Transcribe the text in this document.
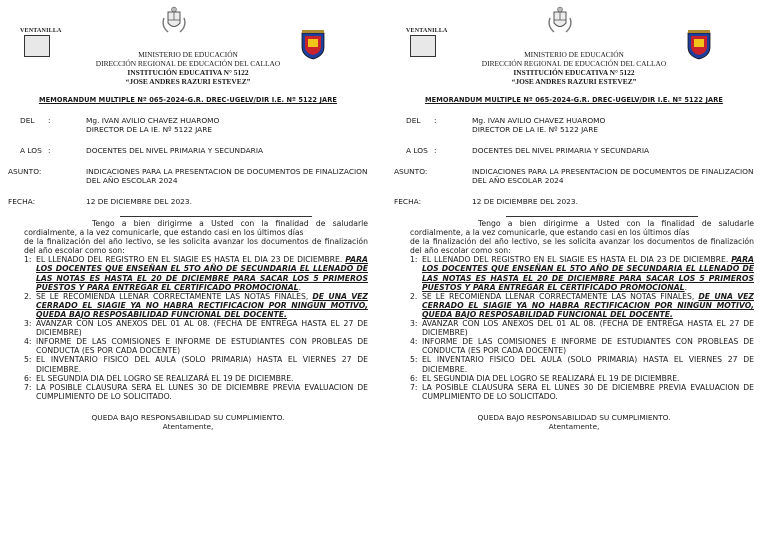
VENTANILLA
MINISTERIO DE EDUCACIÓN
DIRECCIÓN REGIONAL DE EDUCACIÓN DEL CALLAO
INSTITUCIÓN EDUCATIVA N° 5122
“JOSE ANDRES RAZURI ESTEVEZ”
MEMORANDUM MULTIPLE Nº 065-2024-G.R. DREC-UGELV/DIR I.E. Nº 5122 JARE
DEL :	Mg. IVAN AVILIO CHAVEZ HUAROMO
DIRECTOR DE LA IE. Nº 5122 JARE
A LOS :	DOCENTES DEL NIVEL PRIMARIA Y SECUNDARIA
ASUNTO:	INDICACIONES PARA LA PRESENTACION DE DOCUMENTOS DE FINALIZACION DEL AÑO ESCOLAR 2024
FECHA:	12 DE DICIEMBRE DEL 2023.

Tengo a bien dirigirme a Usted con la finalidad de saludarle cordialmente, a la vez comunicarle, que estando casi en los últimos días

de la finalización del año lectivo, se les solicita avanzar los documentos de finalización del año escolar como son:

1: EL LLENADO DEL REGISTRO EN EL SIAGIE ES HASTA EL DIA 23 DE DICIEMBRE. PARA LOS DOCENTES QUE ENSEÑAN EL 5TO AÑO DE SECUNDARIA EL LLENADO DE LAS NOTAS ES HASTA EL 20 DE DICIEMBRE PARA SACAR LOS 5 PRIMEROS PUESTOS Y PARA ENTREGAR EL CERTIFICADO PROMOCIONAL.
2. SE LE RECOMIENDA LLENAR CORRECTAMENTE LAS NOTAS FINALES, DE UNA VEZ CERRADO EL SIAGIE YA NO HABRA RECTIFICACION POR NINGUN MOTIVO, QUEDA BAJO RESPOSABILIDAD FUNCIONAL DEL DOCENTE.
3: AVANZAR CON LOS ANEXOS DEL 01 AL 08. (FECHA DE ENTREGA HASTA EL 27 DE DICIEMBRE)
4: INFORME DE LAS COMISIONES E INFORME DE ESTUDIANTES CON PROBLEAS DE CONDUCTA (ES POR CADA DOCENTE)
5: EL INVENTARIO FISICO DEL AULA (SOLO PRIMARIA) HASTA EL VIERNES 27 DE DICIEMBRE.
6: EL SEGUNDIA DIA DEL LOGRO SE REALIZARÁ EL 19 DE DICIEMBRE.
7: LA POSIBLE CLAUSURA SERA EL LUNES 30 DE DICIEMBRE PREVIA EVALUACION DE CUMPLIMIENTO DE LO SOLICITADO.
QUEDA BAJO RESPONSABILIDAD SU CUMPLIMIENTO.
Atentamente,
VENTANILLA
MINISTERIO DE EDUCACIÓN
DIRECCIÓN REGIONAL DE EDUCACIÓN DEL CALLAO
INSTITUCIÓN EDUCATIVA N° 5122
“JOSE ANDRES RAZURI ESTEVEZ”
MEMORANDUM MULTIPLE Nº 065-2024-G.R. DREC-UGELV/DIR I.E. Nº 5122 JARE
DEL :	Mg. IVAN AVILIO CHAVEZ HUAROMO
DIRECTOR DE LA IE. Nº 5122 JARE
A LOS :	DOCENTES DEL NIVEL PRIMARIA Y SECUNDARIA
ASUNTO:	INDICACIONES PARA LA PRESENTACION DE DOCUMENTOS DE FINALIZACION DEL AÑO ESCOLAR 2024
FECHA:	12 DE DICIEMBRE DEL 2023.

Tengo a bien dirigirme a Usted con la finalidad de saludarle cordialmente, a la vez comunicarle, que estando casi en los últimos días

de la finalización del año lectivo, se les solicita avanzar los documentos de finalización del año escolar como son:

1: EL LLENADO DEL REGISTRO EN EL SIAGIE ES HASTA EL DIA 23 DE DICIEMBRE. PARA LOS DOCENTES QUE ENSEÑAN EL 5TO AÑO DE SECUNDARIA EL LLENADO DE LAS NOTAS ES HASTA EL 20 DE DICIEMBRE PARA SACAR LOS 5 PRIMEROS PUESTOS Y PARA ENTREGAR EL CERTIFICADO PROMOCIONAL.
2. SE LE RECOMIENDA LLENAR CORRECTAMENTE LAS NOTAS FINALES, DE UNA VEZ CERRADO EL SIAGIE YA NO HABRA RECTIFICACION POR NINGUN MOTIVO, QUEDA BAJO RESPOSABILIDAD FUNCIONAL DEL DOCENTE.
3: AVANZAR CON LOS ANEXOS DEL 01 AL 08. (FECHA DE ENTREGA HASTA EL 27 DE DICIEMBRE)
4: INFORME DE LAS COMISIONES E INFORME DE ESTUDIANTES CON PROBLEAS DE CONDUCTA (ES POR CADA DOCENTE)
5: EL INVENTARIO FISICO DEL AULA (SOLO PRIMARIA) HASTA EL VIERNES 27 DE DICIEMBRE.
6: EL SEGUNDIA DIA DEL LOGRO SE REALIZARÁ EL 19 DE DICIEMBRE.
7: LA POSIBLE CLAUSURA SERA EL LUNES 30 DE DICIEMBRE PREVIA EVALUACION DE CUMPLIMIENTO DE LO SOLICITADO.
QUEDA BAJO RESPONSABILIDAD SU CUMPLIMIENTO.
Atentamente,
